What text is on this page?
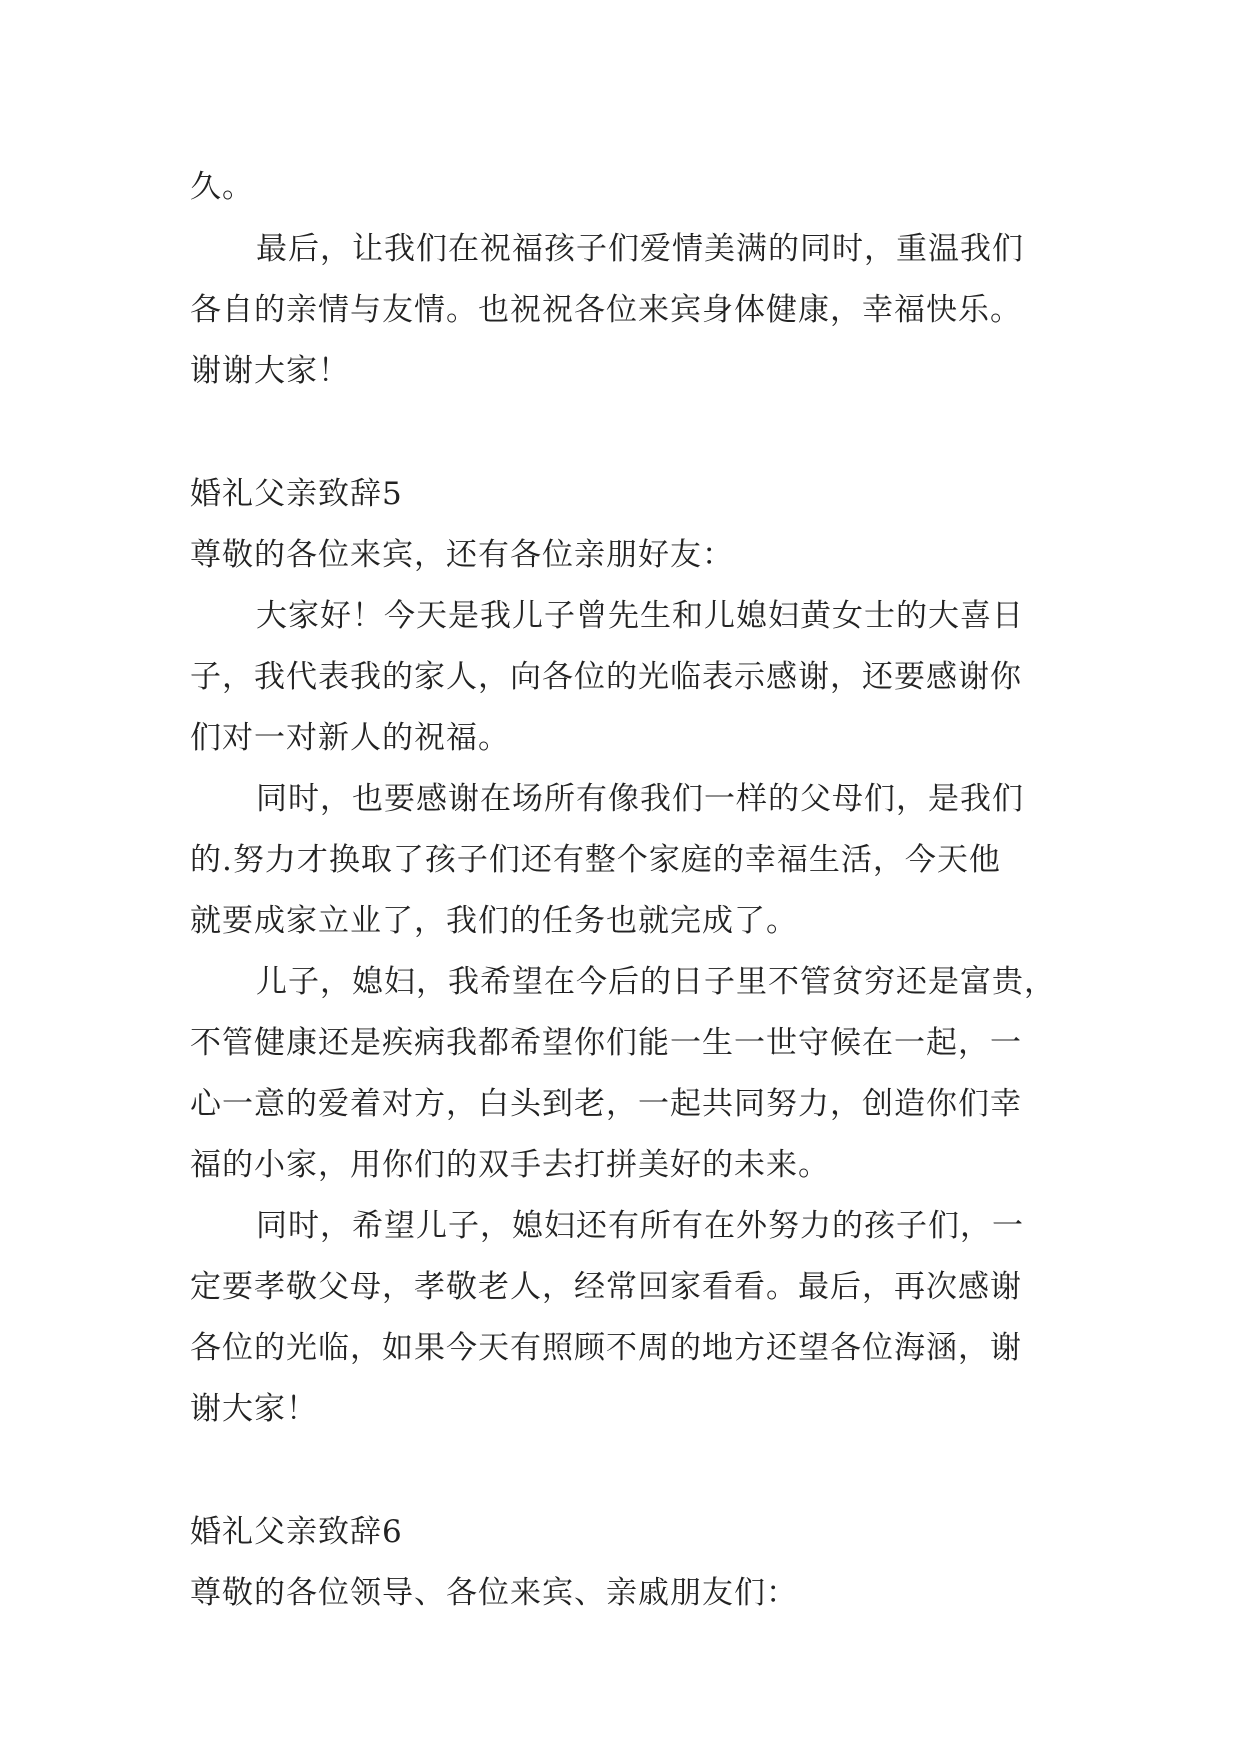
久。
最后，让我们在祝福孩子们爱情美满的同时，重温我们
各自的亲情与友情。也祝祝各位来宾身体健康，幸福快乐。
谢谢大家！
婚礼父亲致辞5
尊敬的各位来宾，还有各位亲朋好友：
大家好！今天是我儿子曾先生和儿媳妇黄女士的大喜日
子，我代表我的家人，向各位的光临表示感谢，还要感谢你
们对一对新人的祝福。
同时，也要感谢在场所有像我们一样的父母们，是我们
的.努力才换取了孩子们还有整个家庭的幸福生活，今天他
就要成家立业了，我们的任务也就完成了。
儿子，媳妇，我希望在今后的日子里不管贫穷还是富贵，
不管健康还是疾病我都希望你们能一生一世守候在一起，一
心一意的爱着对方，白头到老，一起共同努力，创造你们幸
福的小家，用你们的双手去打拼美好的未来。
同时，希望儿子，媳妇还有所有在外努力的孩子们，一
定要孝敬父母，孝敬老人，经常回家看看。最后，再次感谢
各位的光临，如果今天有照顾不周的地方还望各位海涵，谢
谢大家！
婚礼父亲致辞6
尊敬的各位领导、各位来宾、亲戚朋友们：
